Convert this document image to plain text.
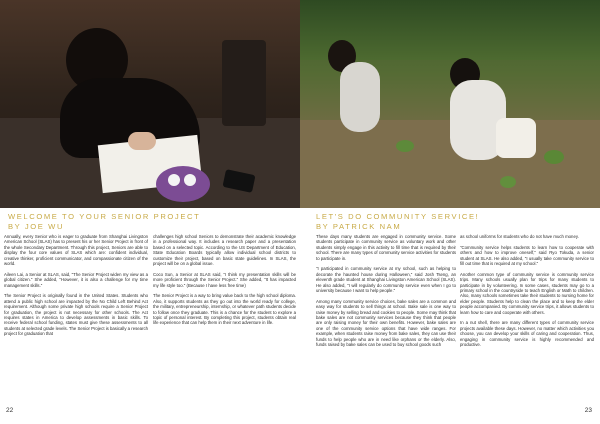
WELCOME TO YOUR SENIOR PROJECT
BY JOE WU

Annually, every Senior who is eager to graduate from Shanghai Livingston American School (SLAS) has to present his or her Senior Project in front of the whole Secondary Department. Through this project, Seniors are able to display the four core values of SLAS which are: confident individual, creative thinker, proficient communicator, and compassionate citizen of the world.

Aileen Lai, a Senior at SLAS, said, "The Senior Project widen my view as a global citizen." She added, "However, it is also a challenge for my time management skills."

The Senior Project is originally found in the United States. Students who attend a public high school are impacted by the No Child Left Behind Act requirement. Although some private high schools require a Senior Project for graduation, the project is not necessary for other schools. The Act requires states in America to develop assessments in basic skills. To receive federal school funding, states must give these assessments to all students at selected grade levels. The Senior Project is basically a research project for graduation that

challenges high school Seniors to demonstrate their academic knowledge in a professional way. It includes a research paper and a presentation based on a selected topic. According to the US Department of Education, State Education Boards typically allow individual school districts to customize their project, based on basic state guidelines. In SLAS, the project will be on a global issue.

Coco Sun, a Senior at SLAS said, "I think my presentation skills will be more proficient through the Senior Project." She added, "It has impacted my life style too." (Because I have less free time)

The Senior Project is a way to bring value back to the high school diploma. Also, it supports students as they go out into the world ready for college, the military, entrepreneurship, internship, or whatever path students decide to follow once they graduate. This is a chance for the student to explore a topic of personal interest. By completing this project, students obtain real life experience that can help them in their next adventure in life.

22
LET'S DO COMMUNITY SERVICE!
BY PATRICK NAM

These days many students are engaged in community service. Some students participate in community service as voluntary work and other students simply engage in this activity to fill time that is required by their school. There are many types of community service activities for students to participate in.

"I participated in community service at my school, such as helping to decorate the haunted house during Halloween," said Josh Tseng, an eleventh grade student at Shanghai Livingston American School (SLAS). He also added, "I will regularly do community service even when I go to university because I want to help people."

Among many community service choices, bake sales are a common and easy way for students to sell things at school. Bake sale is one way to raise money by selling bread and cookies to people. Some may think that bake sales are not community services because they think that people are only raising money for their own benefits. However, bake sales are one of the community service options that have wide ranges. For example, when students raise money from bake sales, they can use their funds to help people who are in need like orphans or the elderly. Also, funds raised by bake sales can be used to buy school goods such

as school uniforms for students who do not have much money.

"Community service helps students to learn how to cooperate with others and how to improve oneself," said Ryo Tokuda, a senior student at SLAS. He also added, "I usually take community service to fill out time that is required at my school."

Another common type of community service is community service trips. Many schools usually plan for trips for many students to participate in by volunteering. In some cases, students may go to a primary school in the countryside to teach English or Math to children. Also, many schools sometimes take their students to nursing home for elder people. Students help to clean the place and to keep the elder people accompanied. By community service trips, it allows students to learn how to care and cooperate with others.

In a nut shell, there are many different types of community service projects available these days. However, no matter which activities you choose, you can develop your skills of caring and cooperation. Thus, engaging in community service is highly recommended and productive.

23
